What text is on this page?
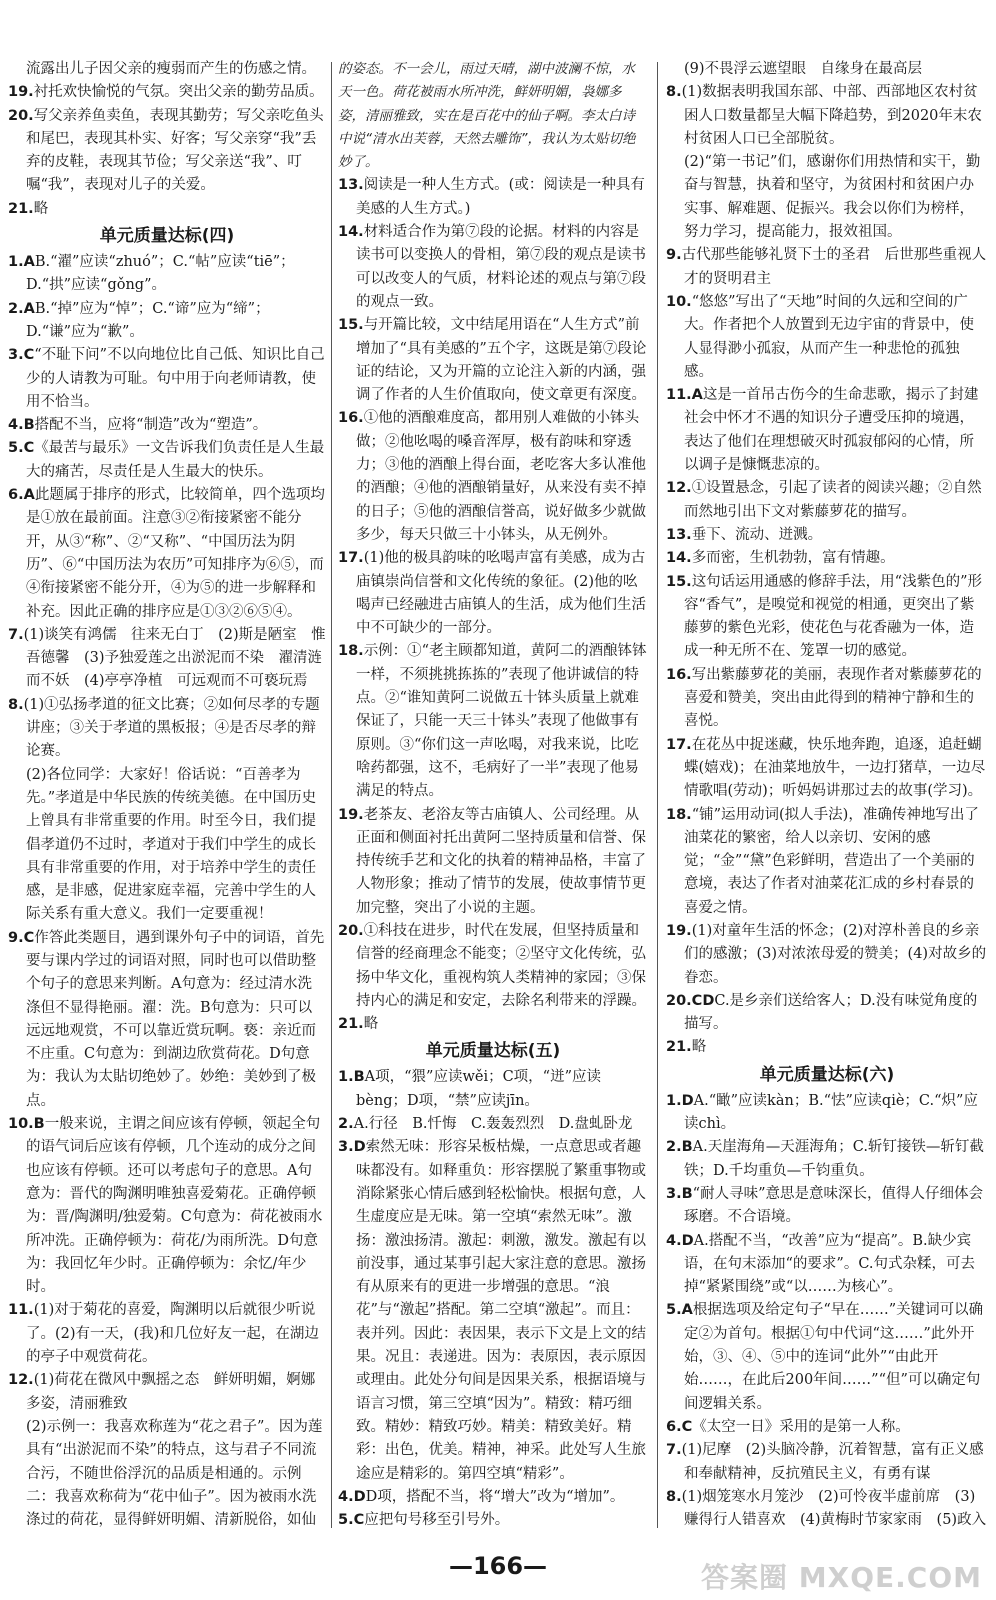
流露出儿子因父亲的瘦弱而产生的伤感之情。

19.衬托欢快愉悦的气氛。突出父亲的勤劳品质。

20.写父亲养鱼卖鱼，表现其勤劳；写父亲吃鱼头和尾巴，表现其朴实、好客；写父亲穿“我”丢弃的皮鞋，表现其节俭；写父亲送“我”、叮嘱“我”，表现对儿子的关爱。

21.略

单元质量达标(四)

1.AB.“濯”应读“zhuó”；C.“帖”应读“tiē”；D.“拱”应读“gǒng”。

2.AB.“掉”应为“悼”；C.“谛”应为“缔”；D.“谦”应为“歉”。

3.C“不耻下问”不以向地位比自己低、知识比自己少的人请教为可耻。句中用于向老师请教，使用不恰当。

4.B搭配不当，应将“制造”改为“塑造”。

5.C《最苦与最乐》一文告诉我们负责任是人生最大的痛苦，尽责任是人生最大的快乐。

6.A此题属于排序的形式，比较简单，四个选项均是①放在最前面。注意③②衔接紧密不能分开，从③“称”、②“又称”、“中国历法为阴历”、⑥“中国历法为农历”可知排序为⑥⑤，而④衔接紧密不能分开，④为⑤的进一步解释和补充。因此正确的排序应是①③②⑥⑤④。

7.(1)谈笑有鸿儒　往来无白丁　(2)斯是陋室　惟吾德馨　(3)予独爱莲之出淤泥而不染　濯清涟而不妖　(4)亭亭净植　可远观而不可亵玩焉

8.(1)①弘扬孝道的征文比赛；②如何尽孝的专题讲座；③关于孝道的黑板报；④是否尽孝的辩论赛。

(2)各位同学：大家好！俗话说：“百善孝为先。”孝道是中华民族的传统美德。在中国历史上曾具有非常重要的作用。时至今日，我们提倡孝道仍不过时，孝道对于我们中学生的成长具有非常重要的作用，对于培养中学生的责任感，是非感，促进家庭幸福，完善中学生的人际关系有重大意义。我们一定要重视！

9.C作答此类题目，遇到课外句子中的词语，首先要与课内学过的词语对照，同时也可以借助整个句子的意思来判断。A句意为：经过清水洗涤但不显得艳丽。濯：洗。B句意为：只可以远远地观赏，不可以靠近赏玩啊。亵：亲近而不庄重。C句意为：到湖边欣赏荷花。D句意为：我认为太貼切绝妙了。妙绝：美妙到了极点。

10.B一般来说，主谓之间应该有停顿，领起全句的语气词后应该有停顿，几个连动的成分之间也应该有停顿。还可以考虑句子的意思。A句意为：晋代的陶渊明唯独喜爱菊花。正确停顿为：晋/陶渊明/独爱菊。C句意为：荷花被雨水所冲洗。正确停顿为：荷花/为雨所洗。D句意为：我回忆年少时。正确停顿为：余忆/年少时。

11.(1)对于菊花的喜爱，陶渊明以后就很少听说了。(2)有一天，(我)和几位好友一起，在湖边的亭子中观赏荷花。

12.(1)荷花在微风中飘摇之态　鲜妍明媚，婀娜多姿，清丽雅致

(2)示例一：我喜欢称莲为“花之君子”。因为莲具有“出淤泥而不染”的特点，这与君子不同流合污，不随世俗浮沉的品质是相通的。示例二：我喜欢称荷为“花中仙子”。因为被雨水洗涤过的荷花，显得鲜妍明媚、清新脱俗，如仙

的姿态。不一会儿，雨过天晴，湖中波澜不惊，水天一色。荷花被雨水所冲洗，鲜妍明媚，袅娜多姿，清丽雅致，实在是百花中的仙子啊。李太白诗中说“清水出芙蓉，天然去雕饰”，我认为太贴切绝妙了。

13.阅读是一种人生方式。(或：阅读是一种具有美感的人生方式。)

14.材料适合作为第⑦段的论据。材料的内容是读书可以变换人的骨相，第⑦段的观点是读书可以改变人的气质，材料论述的观点与第⑦段的观点一致。

15.与开篇比较，文中结尾用语在“人生方式”前增加了“具有美感的”五个字，这既是第⑦段论证的结论，又为开篇的立论注入新的内涵，强调了作者的人生价值取向，使文章更有深度。

16.①他的酒酿难度高，都用别人难做的小钵头做；②他吆喝的嗓音浑厚，极有韵味和穿透力；③他的酒酿上得台面，老吃客大多认准他的酒酿；④他的酒酿销量好，从来没有卖不掉的日子；⑤他的酒酿信誉高，说好做多少就做多少，每天只做三十小钵头，从无例外。

17.(1)他的极具韵味的吆喝声富有美感，成为古庙镇崇尚信誉和文化传统的象征。(2)他的吆喝声已经融进古庙镇人的生活，成为他们生活中不可缺少的一部分。

18.示例：①“老主顾都知道，黄阿二的酒酿钵钵一样，不须挑挑拣拣的”表现了他讲诚信的特点。②“谁知黄阿二说做五十钵头质量上就难保证了，只能一天三十钵头”表现了他做事有原则。③“你们这一声吆喝，对我来说，比吃啥药都强，这不，毛病好了一半”表现了他易满足的特点。

19.老茶友、老浴友等古庙镇人、公司经理。从正面和侧面衬托出黄阿二坚持质量和信誉、保持传统手艺和文化的执着的精神品格，丰富了人物形象；推动了情节的发展，使故事情节更加完整，突出了小说的主题。

20.①科技在进步，时代在发展，但坚持质量和信誉的经商理念不能变；②坚守文化传统，弘扬中华文化，重视构筑人类精神的家园；③保持内心的满足和安定，去除名利带来的浮躁。

21.略

单元质量达标(五)

1.BA项，“猥”应读wěi；C项，“迸”应读bèng；D项，“禁”应读jīn。

2.A.行径　B.忏悔　C.轰轰烈烈　D.盘虬卧龙

3.D索然无味：形容呆板枯燥，一点意思或者趣味都没有。如释重负：形容摆脱了繁重事物或消除紧张心情后感到轻松愉快。根据句意，人生虚度应是无味。第一空填“索然无味”。激扬：激浊扬清。激起：刺激，激发。激起有以前没事，通过某事引起大家注意的意思。激扬有从原来有的更进一步增强的意思。“浪花”与“激起”搭配。第二空填“激起”。而且：表并列。因此：表因果，表示下文是上文的结果。况且：表递进。因为：表原因，表示原因或理由。此处分句间是因果关系，根据语境与语言习惯，第三空填“因为”。精致：精巧细致。精妙：精致巧妙。精美：精致美好。精彩：出色，优美。精神，神采。此处写人生旅途应是精彩的。第四空填“精彩”。

4.DD项，搭配不当，将“增大”改为“增加”。

5.C应把句号移至引号外。

(9)不畏浮云遮望眼　自缘身在最高层

8.(1)数据表明我国东部、中部、西部地区农村贫困人口数量都呈大幅下降趋势，到2020年末农村贫困人口已全部脱贫。

(2)“第一书记”们，感谢你们用热情和实干，勤奋与智慧，执着和坚守，为贫困村和贫困户办实事、解难题、促振兴。我会以你们为榜样，努力学习，提高能力，报效祖国。

9.古代那些能够礼贤下士的圣君　后世那些重视人才的贤明君主

10.“悠悠”写出了“天地”时间的久远和空间的广大。作者把个人放置到无边宇宙的背景中，使人显得渺小孤寂，从而产生一种悲怆的孤独感。

11.A这是一首吊古伤今的生命悲歌，揭示了封建社会中怀才不遇的知识分子遭受压抑的境遇，表达了他们在理想破灭时孤寂郁闷的心情，所以调子是慷慨悲凉的。

12.①设置悬念，引起了读者的阅读兴趣；②自然而然地引出下文对紫藤萝花的描写。

13.垂下、流动、迸溅。

14.多而密，生机勃勃，富有情趣。

15.这句话运用通感的修辞手法，用“浅紫色的”形容“香气”，是嗅觉和视觉的相通，更突出了紫藤萝的紫色光彩，使花色与花香融为一体，造成一种无所不在、笼罩一切的感觉。

16.写出紫藤萝花的美丽，表现作者对紫藤萝花的喜爱和赞美，突出由此得到的精神宁静和生的喜悦。

17.在花丛中捉迷藏，快乐地奔跑，追逐，追赶蝴蝶(嬉戏)；在油菜地放牛，一边打猪草，一边尽情歌唱(劳动)；听妈妈讲那过去的故事(学习)。

18.“铺”运用动词(拟人手法)，准确传神地写出了油菜花的繁密，给人以亲切、安闲的感觉；“金”“黛”色彩鲜明，营造出了一个美丽的意境，表达了作者对油菜花汇成的乡村春景的喜爱之情。

19.(1)对童年生活的怀念；(2)对淳朴善良的乡亲们的感激；(3)对浓浓母爱的赞美；(4)对故乡的眷恋。

20.CDC.是乡亲们送给客人；D.没有味觉角度的描写。

21.略

单元质量达标(六)

1.DA.“瞰”应读kàn；B.“怯”应读qiè；C.“炽”应读chì。

2.BA.天崖海角—天涯海角；C.斩钉接铁—斩钉截铁；D.千均重负—千钧重负。

3.B“耐人寻味”意思是意味深长，值得人仔细体会琢磨。不合语境。

4.DA.搭配不当，“改善”应为“提高”。B.缺少宾语，在句末添加“的要求”。C.句式杂糅，可去掉“紧紧围绕”或“以……为核心”。

5.A根据选项及给定句子“早在……”关键词可以确定②为首句。根据①句中代词“这……”此外开始，③、④、⑤中的连词“此外”“由此开始……，在此后200年间……”“但”可以确定句间逻辑关系。

6.C《太空一日》采用的是第一人称。

7.(1)尼摩　(2)头脑冷静，沉着智慧，富有正义感和奉献精神，反抗殖民主义，有勇有谋

8.(1)烟笼寒水月笼沙　(2)可怜夜半虚前席　(3)赚得行人错喜欢　(4)黄梅时节家家雨　(5)政入　　　　　　　

—166—	答案圈 MXQE.COM
